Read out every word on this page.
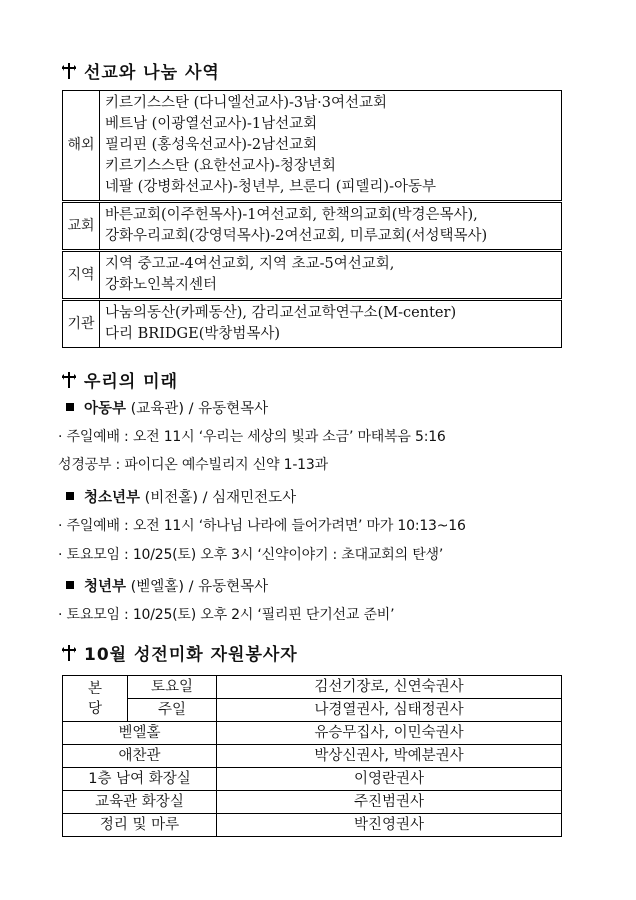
선교와 나눔 사역
해외	키르기스스탄 (다니엘선교사)-3남·3여선교회
베트남 (이광열선교사)-1남선교회
필리핀 (홍성욱선교사)-2남선교회
키르기스스탄 (요한선교사)-청장년회
네팔 (강병화선교사)-청년부, 브룬디 (피델리)-아동부

교회	바른교회(이주헌목사)-1여선교회, 한책의교회(박경은목사),
강화우리교회(강영덕목사)-2여선교회, 미루교회(서성택목사)

지역	지역 중고교-4여선교회, 지역 초교-5여선교회,
강화노인복지센터

기관	나눔의동산(카페동산), 감리교선교학연구소(M-center)
다리 BRIDGE(박창범목사)
우리의 미래
아동부 (교육관) / 유동현목사
· 주일예배 : 오전 11시 ‘우리는 세상의 빛과 소금’ 마태복음 5:16
성경공부 : 파이디온 예수빌리지 신약 1-13과
청소년부 (비전홀) / 심재민전도사
· 주일예배 : 오전 11시 ‘하나님 나라에 들어가려면’ 마가 10:13~16
· 토요모임 : 10/25(토) 오후 3시 ‘신약이야기 : 초대교회의 탄생’
청년부 (벧엘홀) / 유동현목사
· 토요모임 : 10/25(토) 오후 2시 ‘필리핀 단기선교 준비’
10월 성전미화 자원봉사자
본
당	토요일	김선기장로, 신연숙권사
	주일	나경열권사, 심태정권사
벧엘홀		유승무집사, 이민숙권사
애찬관		박상신권사, 박예분권사
1층 남여 화장실		이영란권사
교육관 화장실		주진범권사
정리 및 마루		박진영권사
